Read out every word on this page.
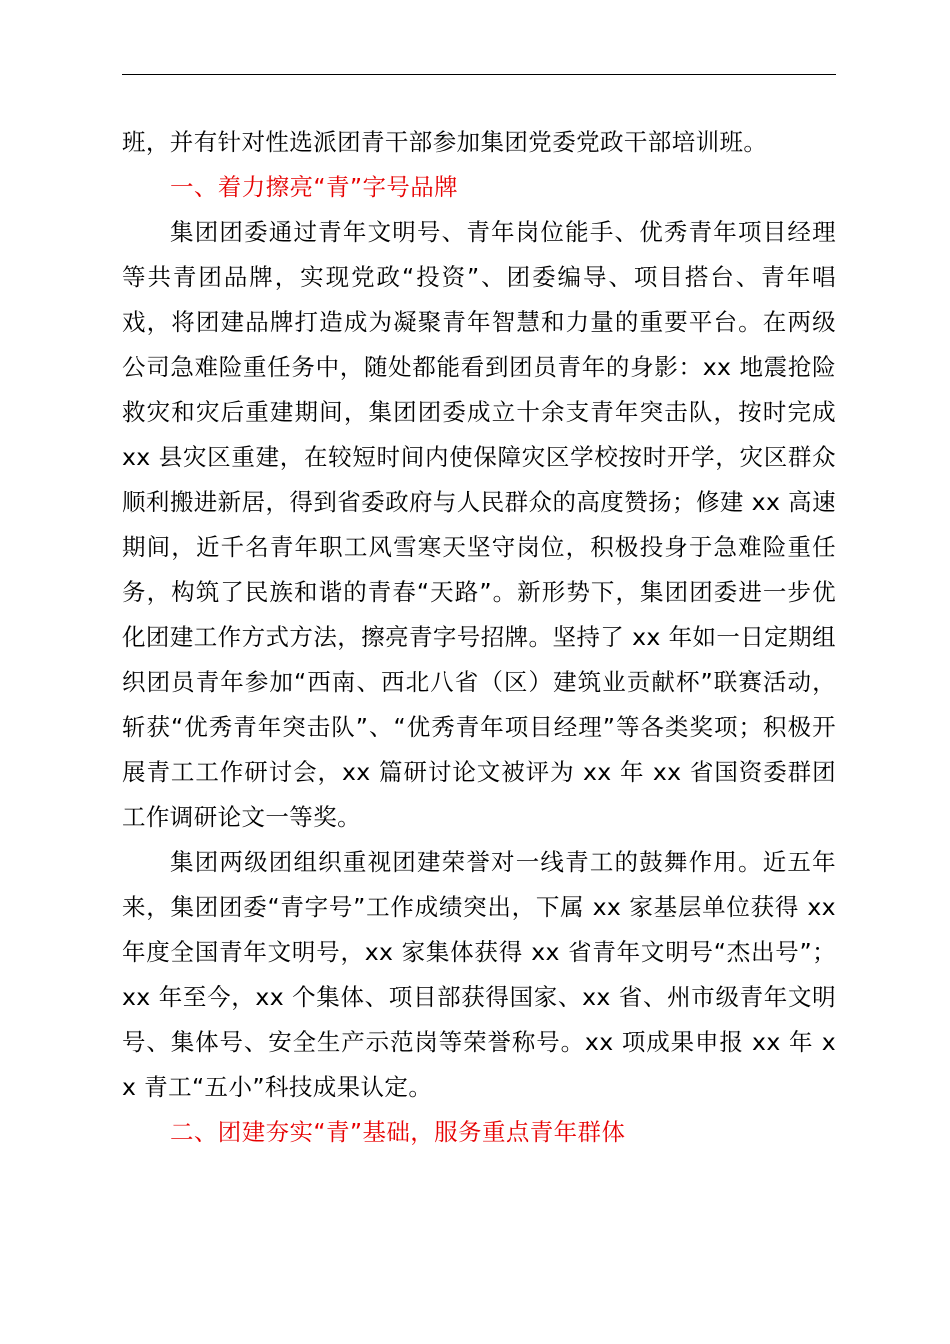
班，并有针对性选派团青干部参加集团党委党政干部培训班。

一、着力擦亮“青”字号品牌

集团团委通过青年文明号、青年岗位能手、优秀青年项目经理等共青团品牌，实现党政“投资”、团委编导、项目搭台、青年唱戏，将团建品牌打造成为凝聚青年智慧和力量的重要平台。在两级公司急难险重任务中，随处都能看到团员青年的身影：xx 地震抢险救灾和灾后重建期间，集团团委成立十余支青年突击队，按时完成 xx 县灾区重建，在较短时间内使保障灾区学校按时开学，灾区群众顺利搬进新居，得到省委政府与人民群众的高度赞扬；修建 xx 高速期间，近千名青年职工风雪寒天坚守岗位，积极投身于急难险重任务，构筑了民族和谐的青春“天路”。新形势下，集团团委进一步优化团建工作方式方法，擦亮青字号招牌。坚持了 xx 年如一日定期组织团员青年参加“西南、西北八省（区）建筑业贡献杯”联赛活动，斩获“优秀青年突击队”、“优秀青年项目经理”等各类奖项；积极开展青工工作研讨会，xx 篇研讨论文被评为 xx 年 xx 省国资委群团工作调研论文一等奖。

集团两级团组织重视团建荣誉对一线青工的鼓舞作用。近五年来，集团团委“青字号”工作成绩突出，下属 xx 家基层单位获得 xx 年度全国青年文明号，xx 家集体获得 xx 省青年文明号“杰出号”；xx 年至今，xx 个集体、项目部获得国家、xx 省、州市级青年文明号、集体号、安全生产示范岗等荣誉称号。xx 项成果申报 xx 年 xx 青工“五小”科技成果认定。

二、团建夯实“青”基础，服务重点青年群体
